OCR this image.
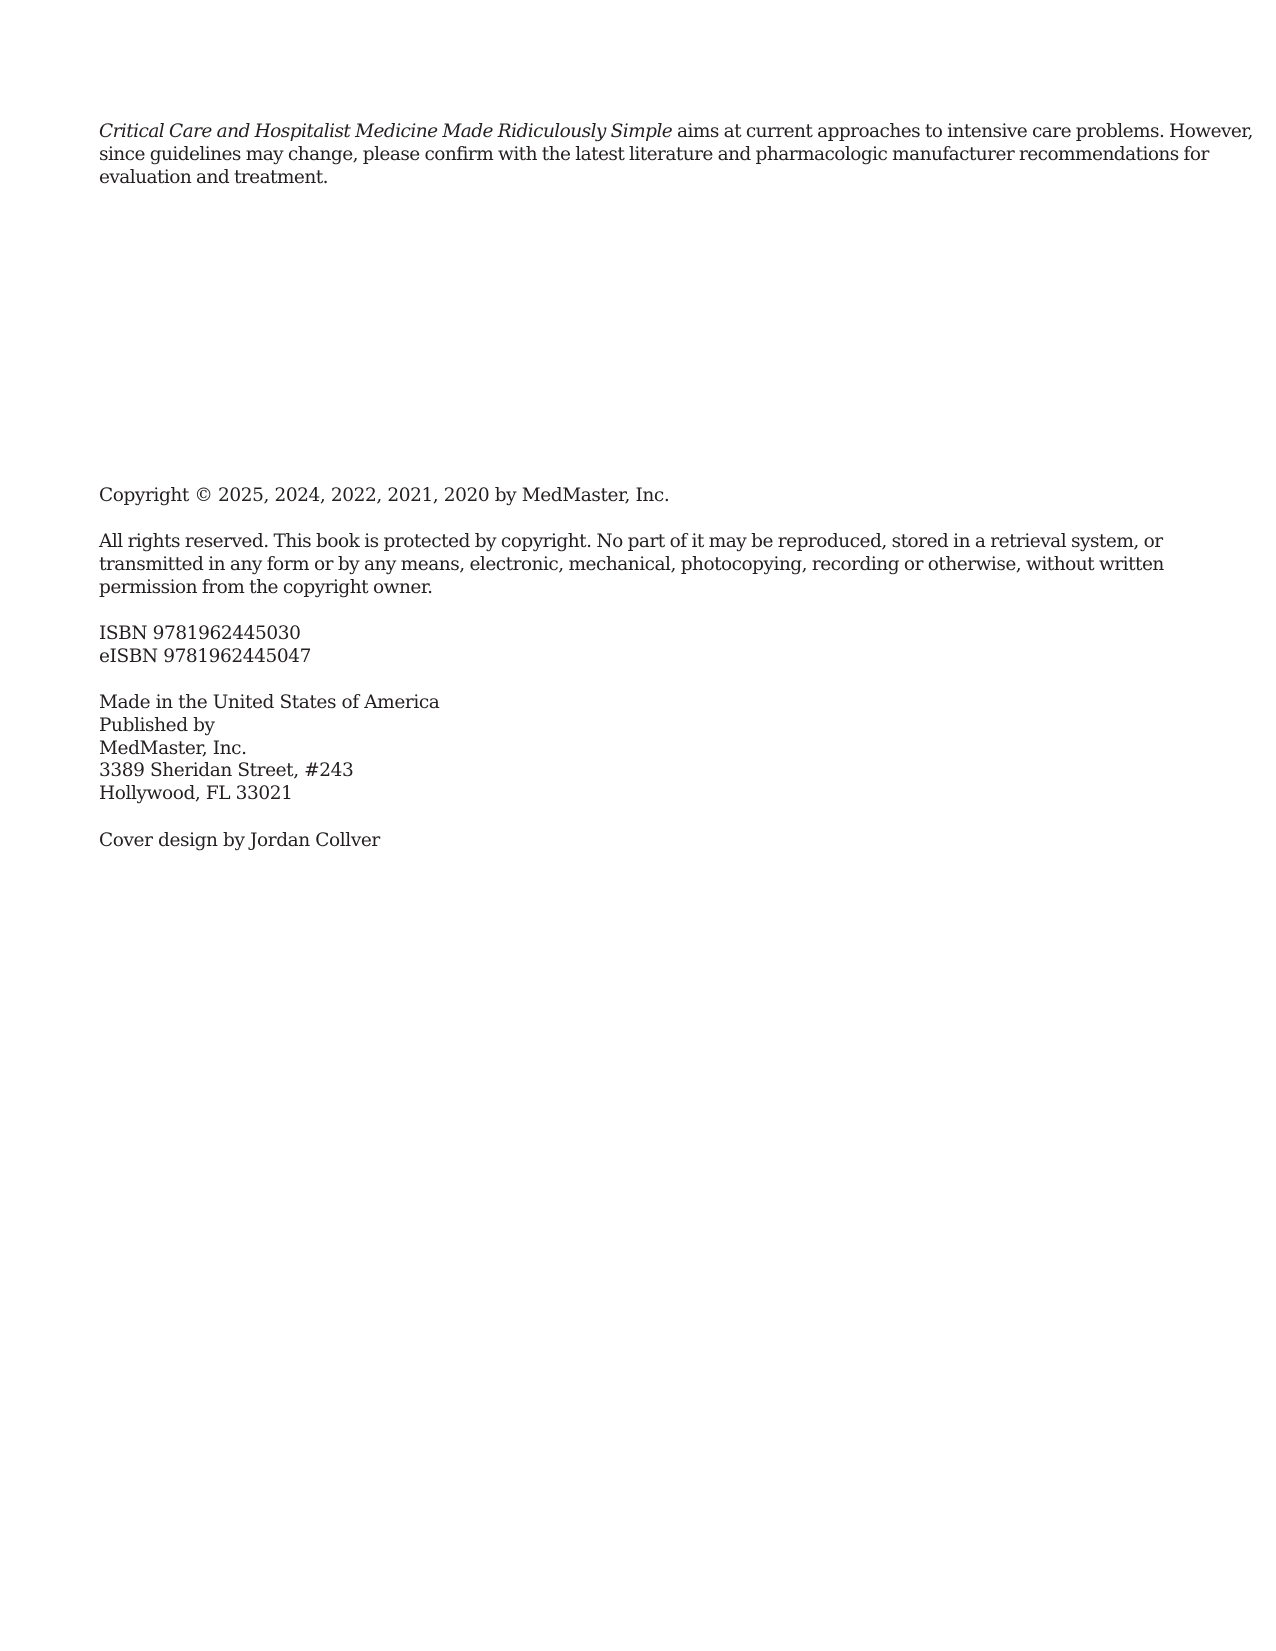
Critical Care and Hospitalist Medicine Made Ridiculously Simple aims at current approaches to intensive care problems. However,
since guidelines may change, please confirm with the latest literature and pharmacologic manufacturer recommendations for
evaluation and treatment.
Copyright © 2025, 2024, 2022, 2021, 2020 by MedMaster, Inc.
All rights reserved. This book is protected by copyright. No part of it may be reproduced, stored in a retrieval system, or
transmitted in any form or by any means, electronic, mechanical, photocopying, recording or otherwise, without written
permission from the copyright owner.
ISBN 9781962445030
eISBN 9781962445047
Made in the United States of America
Published by
MedMaster, Inc.
3389 Sheridan Street, #243
Hollywood, FL 33021
Cover design by Jordan Collver
